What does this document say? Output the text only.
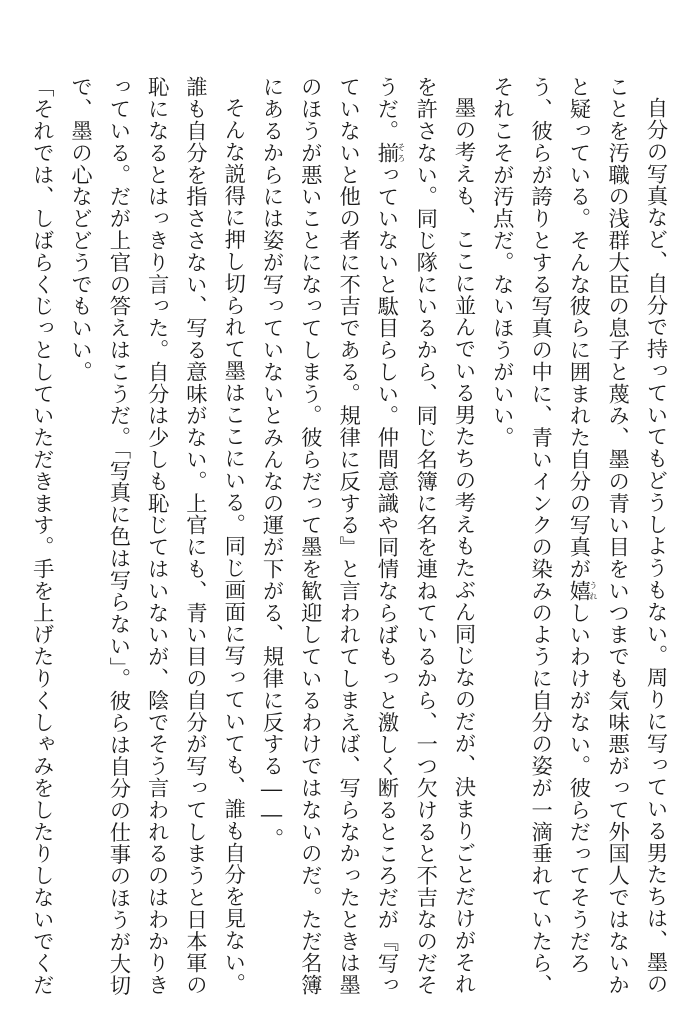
自分の写真など、自分で持っていてもどうしようもない。周りに写っている男たちは、墨の
ことを汚職の浅群大臣の息子と蔑み、墨の青い目をいつまでも気味悪がって外国人ではないか
と疑っている。そんな彼らに囲まれた自分の写真が嬉うれしいわけがない。彼らだってそうだろ
う、彼らが誇りとする写真の中に、青いインクの染みのように自分の姿が一滴垂れていたら、
それこそが汚点だ。ないほうがいい。
墨の考えも、ここに並んでいる男たちの考えもたぶん同じなのだが、決まりごとだけがそれ
を許さない。同じ隊にいるから、同じ名簿に名を連ねているから、一つ欠けると不吉なのだそ
うだ。揃そろっていないと駄目らしい。仲間意識や同情ならばもっと激しく断るところだが『写っ
ていないと他の者に不吉である。規律に反する』と言われてしまえば、写らなかったときは墨
のほうが悪いことになってしまう。彼らだって墨を歓迎しているわけではないのだ。ただ名簿
にあるからには姿が写っていないとみんなの運が下がる、規律に反する――。
そんな説得に押し切られて墨はここにいる。同じ画面に写っていても、誰も自分を見ない。
誰も自分を指ささない、写る意味がない。上官にも、青い目の自分が写ってしまうと日本軍の
恥になるとはっきり言った。自分は少しも恥じてはいないが、陰でそう言われるのはわかりき
っている。だが上官の答えはこうだ。「写真に色は写らない」。彼らは自分の仕事のほうが大切
で、墨の心などどうでもいい。
「それでは、しばらくじっとしていただきます。手を上げたりくしゃみをしたりしないでくだ
